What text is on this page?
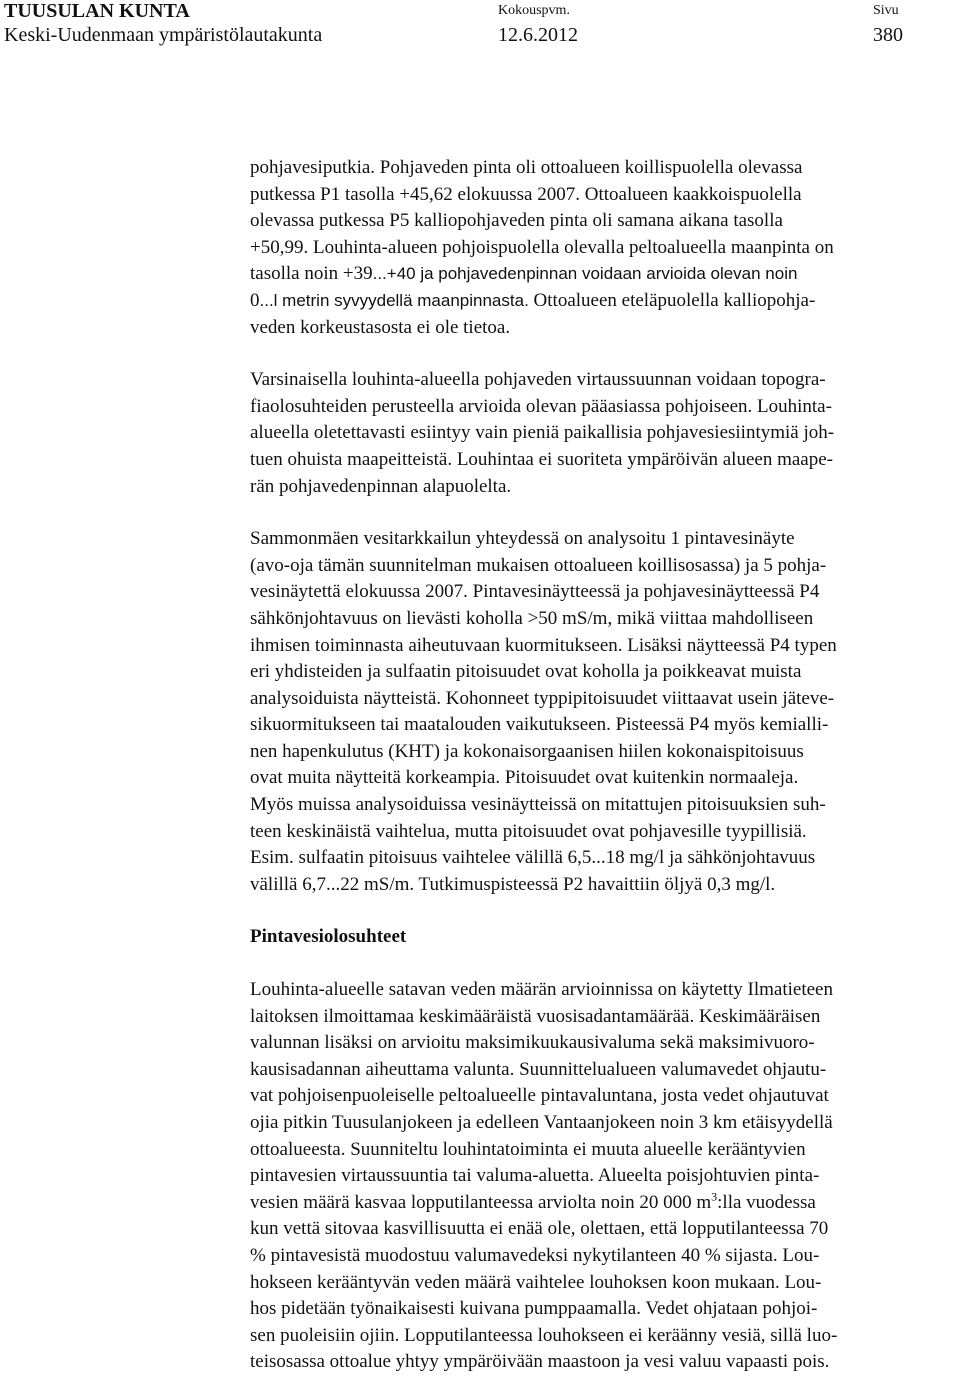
TUUSULAN KUNTA
Keski-Uudenmaan ympäristölautakunta
Kokouspvm.
12.6.2012
Sivu
380
pohjavesiputkia. Pohjaveden pinta oli ottoalueen koillispuolella olevassa
putkessa P1 tasolla +45,62 elokuussa 2007. Ottoalueen kaakkoispuolella
olevassa putkessa P5 kalliopohjaveden pinta oli samana aikana tasolla
+50,99. Louhinta-alueen pohjoispuolella olevalla peltoalueella maanpinta on
tasolla noin +39...+40 ja pohjavedenpinnan voidaan arvioida olevan noin
0...l metrin syvyydellä maanpinnasta. Ottoalueen eteläpuolella kalliopohja-
veden korkeustasosta ei ole tietoa.
Varsinaisella louhinta-alueella pohjaveden virtaussuunnan voidaan topogra-
fiaolosuhteiden perusteella arvioida olevan pääasiassa pohjoiseen. Louhinta-
alueella oletettavasti esiintyy vain pieniä paikallisia pohjavesiesiintymiä joh-
tuen ohuista maapeitteistä. Louhintaa ei suoriteta ympäröivän alueen maape-
rän pohjavedenpinnan alapuolelta.
Sammonmäen vesitarkkailun yhteydessä on analysoitu 1 pintavesinäyte
(avo-oja tämän suunnitelman mukaisen ottoalueen koillisosassa) ja 5 pohja-
vesinäytettä elokuussa 2007. Pintavesinäytteessä ja pohjavesinäytteessä P4
sähkönjohtavuus on lievästi koholla >50 mS/m, mikä viittaa mahdolliseen
ihmisen toiminnasta aiheutuvaan kuormitukseen. Lisäksi näytteessä P4 typen
eri yhdisteiden ja sulfaatin pitoisuudet ovat koholla ja poikkeavat muista
analysoiduista näytteistä. Kohonneet typpipitoisuudet viittaavat usein jäteve-
sikuormitukseen tai maatalouden vaikutukseen. Pisteessä P4 myös kemialli-
nen hapenkulutus (KHT) ja kokonaisorgaanisen hiilen kokonaispitoisuus
ovat muita näytteitä korkeampia. Pitoisuudet ovat kuitenkin normaaleja.
Myös muissa analysoiduissa vesinäytteissä on mitattujen pitoisuuksien suh-
teen keskinäistä vaihtelua, mutta pitoisuudet ovat pohjavesille tyypillisiä.
Esim. sulfaatin pitoisuus vaihtelee välillä 6,5...18 mg/l ja sähkönjohtavuus
välillä 6,7...22 mS/m. Tutkimuspisteessä P2 havaittiin öljyä 0,3 mg/l.
Pintavesiolosuhteet
Louhinta-alueelle satavan veden määrän arvioinnissa on käytetty Ilmatieteen
laitoksen ilmoittamaa keskimääräistä vuosisadantamäärää. Keskimääräisen
valunnan lisäksi on arvioitu maksimikuukausivaluma sekä maksimivuoro-
kausisadannan aiheuttama valunta. Suunnittelualueen valumavedet ohjautu-
vat pohjoisenpuoleiselle peltoalueelle pintavaluntana, josta vedet ohjautuvat
ojia pitkin Tuusulanjokeen ja edelleen Vantaanjokeen noin 3 km etäisyydellä
ottoalueesta. Suunniteltu louhintatoiminta ei muuta alueelle kerääntyvien
pintavesien virtaussuuntia tai valuma-aluetta. Alueelta poisjohtuvien pinta-
vesien määrä kasvaa lopputilanteessa arviolta noin 20 000 $m^3:lla$ vuodessa
kun vettä sitovaa kasvillisuutta ei enää ole, olettaen, että lopputilanteessa 70
% pintavesistä muodostuu valumavedeksi nykytilanteen 40 % sijasta. Lou-
hokseen kerääntyvän veden määrä vaihtelee louhoksen koon mukaan. Lou-
hos pidetään työnaikaisesti kuivana pumppaamalla. Vedet ohjataan pohjoi-
sen puoleisiin ojiin. Lopputilanteessa louhokseen ei keräänny vesiä, sillä luo-
teisosassa ottoalue yhtyy ympäröivään maastoon ja vesi valuu vapaasti pois.
